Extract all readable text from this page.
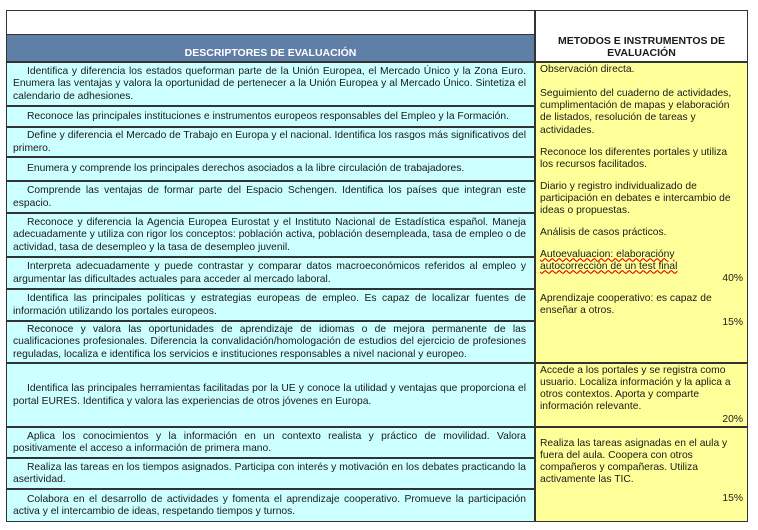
DESCRIPTORES DE EVALUACIÓN
METODOS E INSTRUMENTOS DE EVALUACIÓN
Identifica y diferencia los estados queforman parte de la Unión Europea, el Mercado Único y la Zona Euro. Enumera las ventajas y valora la oportunidad de pertenecer a la Unión Europea y al Mercado Único. Sintetiza el calendario de adhesiones.
Reconoce las principales instituciones e instrumentos europeos responsables del Empleo y la Formación.
Define y diferencia el Mercado de Trabajo en Europa y el nacional. Identifica los rasgos más significativos del primero.
Enumera y comprende los principales derechos asociados a la libre circulación de trabajadores.
Comprende las ventajas de formar parte del Espacio Schengen. Identifica los países que integran este espacio.
Reconoce y diferencia la Agencia Europea Eurostat y el Instituto Nacional de Estadística español. Maneja adecuadamente y utiliza con rigor los conceptos: población activa, población desempleada, tasa de empleo o de actividad, tasa de desempleo y la tasa de desempleo juvenil.
Interpreta adecuadamente y puede contrastar y comparar datos macroeconómicos referidos al empleo y argumentar las dificultades actuales para acceder al mercado laboral.
Identifica las principales políticas y estrategias europeas de empleo. Es capaz de localizar fuentes de información utilizando los portales europeos.
Reconoce y valora las oportunidades de aprendizaje de idiomas o de mejora permanente de las cualificaciones profesionales. Diferencia la convalidación/homologación de estudios del ejercicio de profesiones reguladas, localiza e identifica los servicios e instituciones responsables a nivel nacional y europeo.
Identifica las principales herramientas facilitadas por la UE y conoce la utilidad y ventajas que proporciona el portal EURES. Identifica y valora las experiencias de otros jóvenes en Europa.
Aplica los conocimientos y la información en un contexto realista y práctico de movilidad. Valora positivamente el acceso a información de primera mano.
Realiza las tareas en los tiempos asignados. Participa con interés y motivación en los debates practicando la asertividad.
Colabora en el desarrollo de actividades y fomenta el aprendizaje cooperativo. Promueve la participación activa y el intercambio de ideas, respetando tiempos y turnos.

Observación directa.

Seguimiento del cuaderno de actividades, cumplimentación de mapas y elaboración de listados, resolución de tareas y actividades.

Reconoce los diferentes portales y utiliza los recursos facilitados.

Diario y registro individualizado de participación en debates e intercambio de ideas o propuestas.

Análisis de casos prácticos.

Autoevaluacion: elaboracióny autocorrección de un test final

40%

Aprendizaje cooperativo: es capaz de enseñar a otros.

15%

Accede a los portales y se registra como usuario. Localiza información y la aplica a otros contextos. Aporta y comparte información relevante.

20%

Realiza las tareas asignadas en el aula y fuera del aula. Coopera con otros compañeros y compañeras. Utiliza activamente las TIC.

15%
